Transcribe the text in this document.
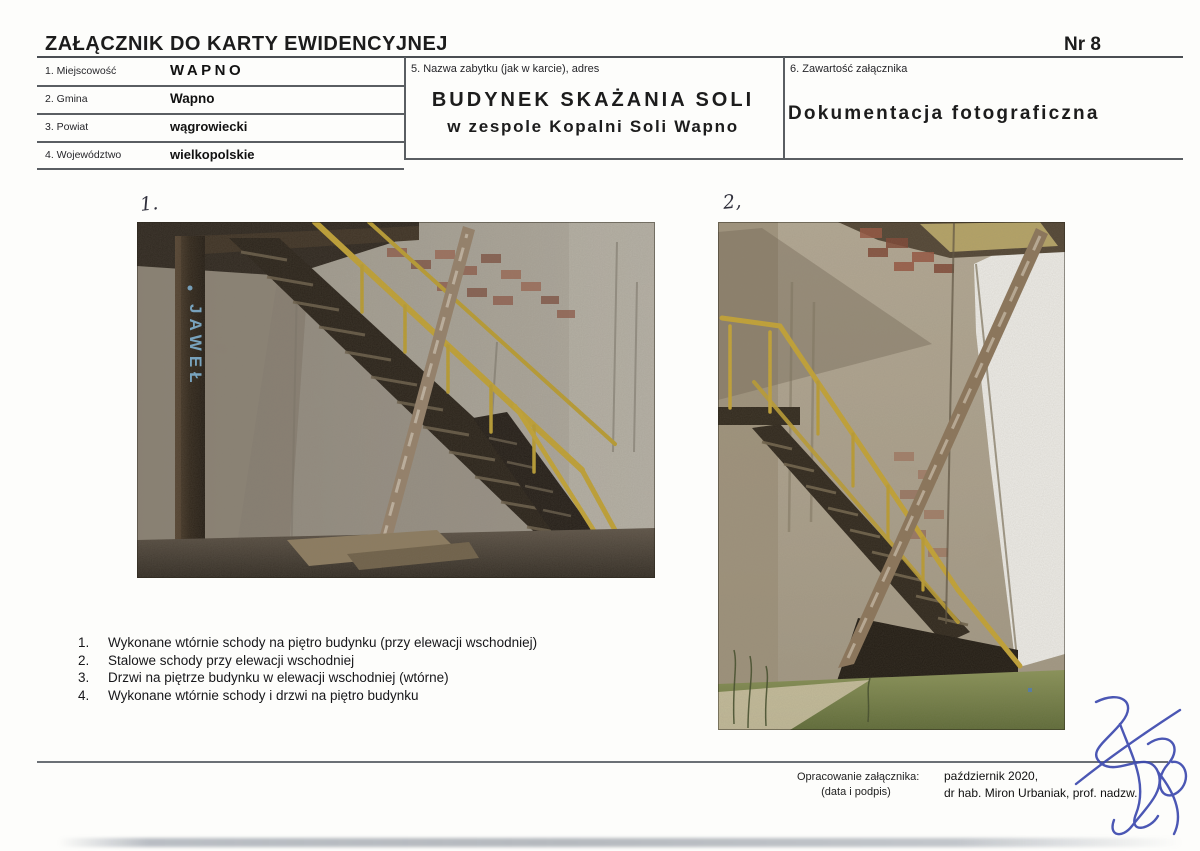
ZAŁĄCZNIK DO KARTY EWIDENCYJNEJ	Nr 8
1. Miejscowość	WAPNO
2. Gmina	Wapno
3. Powiat	wągrowiecki
4. Województwo	wielkopolskie
5. Nazwa zabytku (jak w karcie), adres
BUDYNEK SKAŻANIA SOLI
w zespole Kopalni Soli Wapno
6. Zawartość załącznika
Dokumentacja fotograficzna
1.	2,
JAWEŁ
1.	Wykonane wtórnie schody na piętro budynku (przy elewacji wschodniej)
2.	Stalowe schody przy elewacji wschodniej
3.	Drzwi na piętrze budynku w elewacji wschodniej (wtórne)
4.	Wykonane wtórnie schody i drzwi na piętro budynku
Opracowanie załącznika:
(data i podpis)
październik 2020,
dr hab. Miron Urbaniak, prof. nadzw.
